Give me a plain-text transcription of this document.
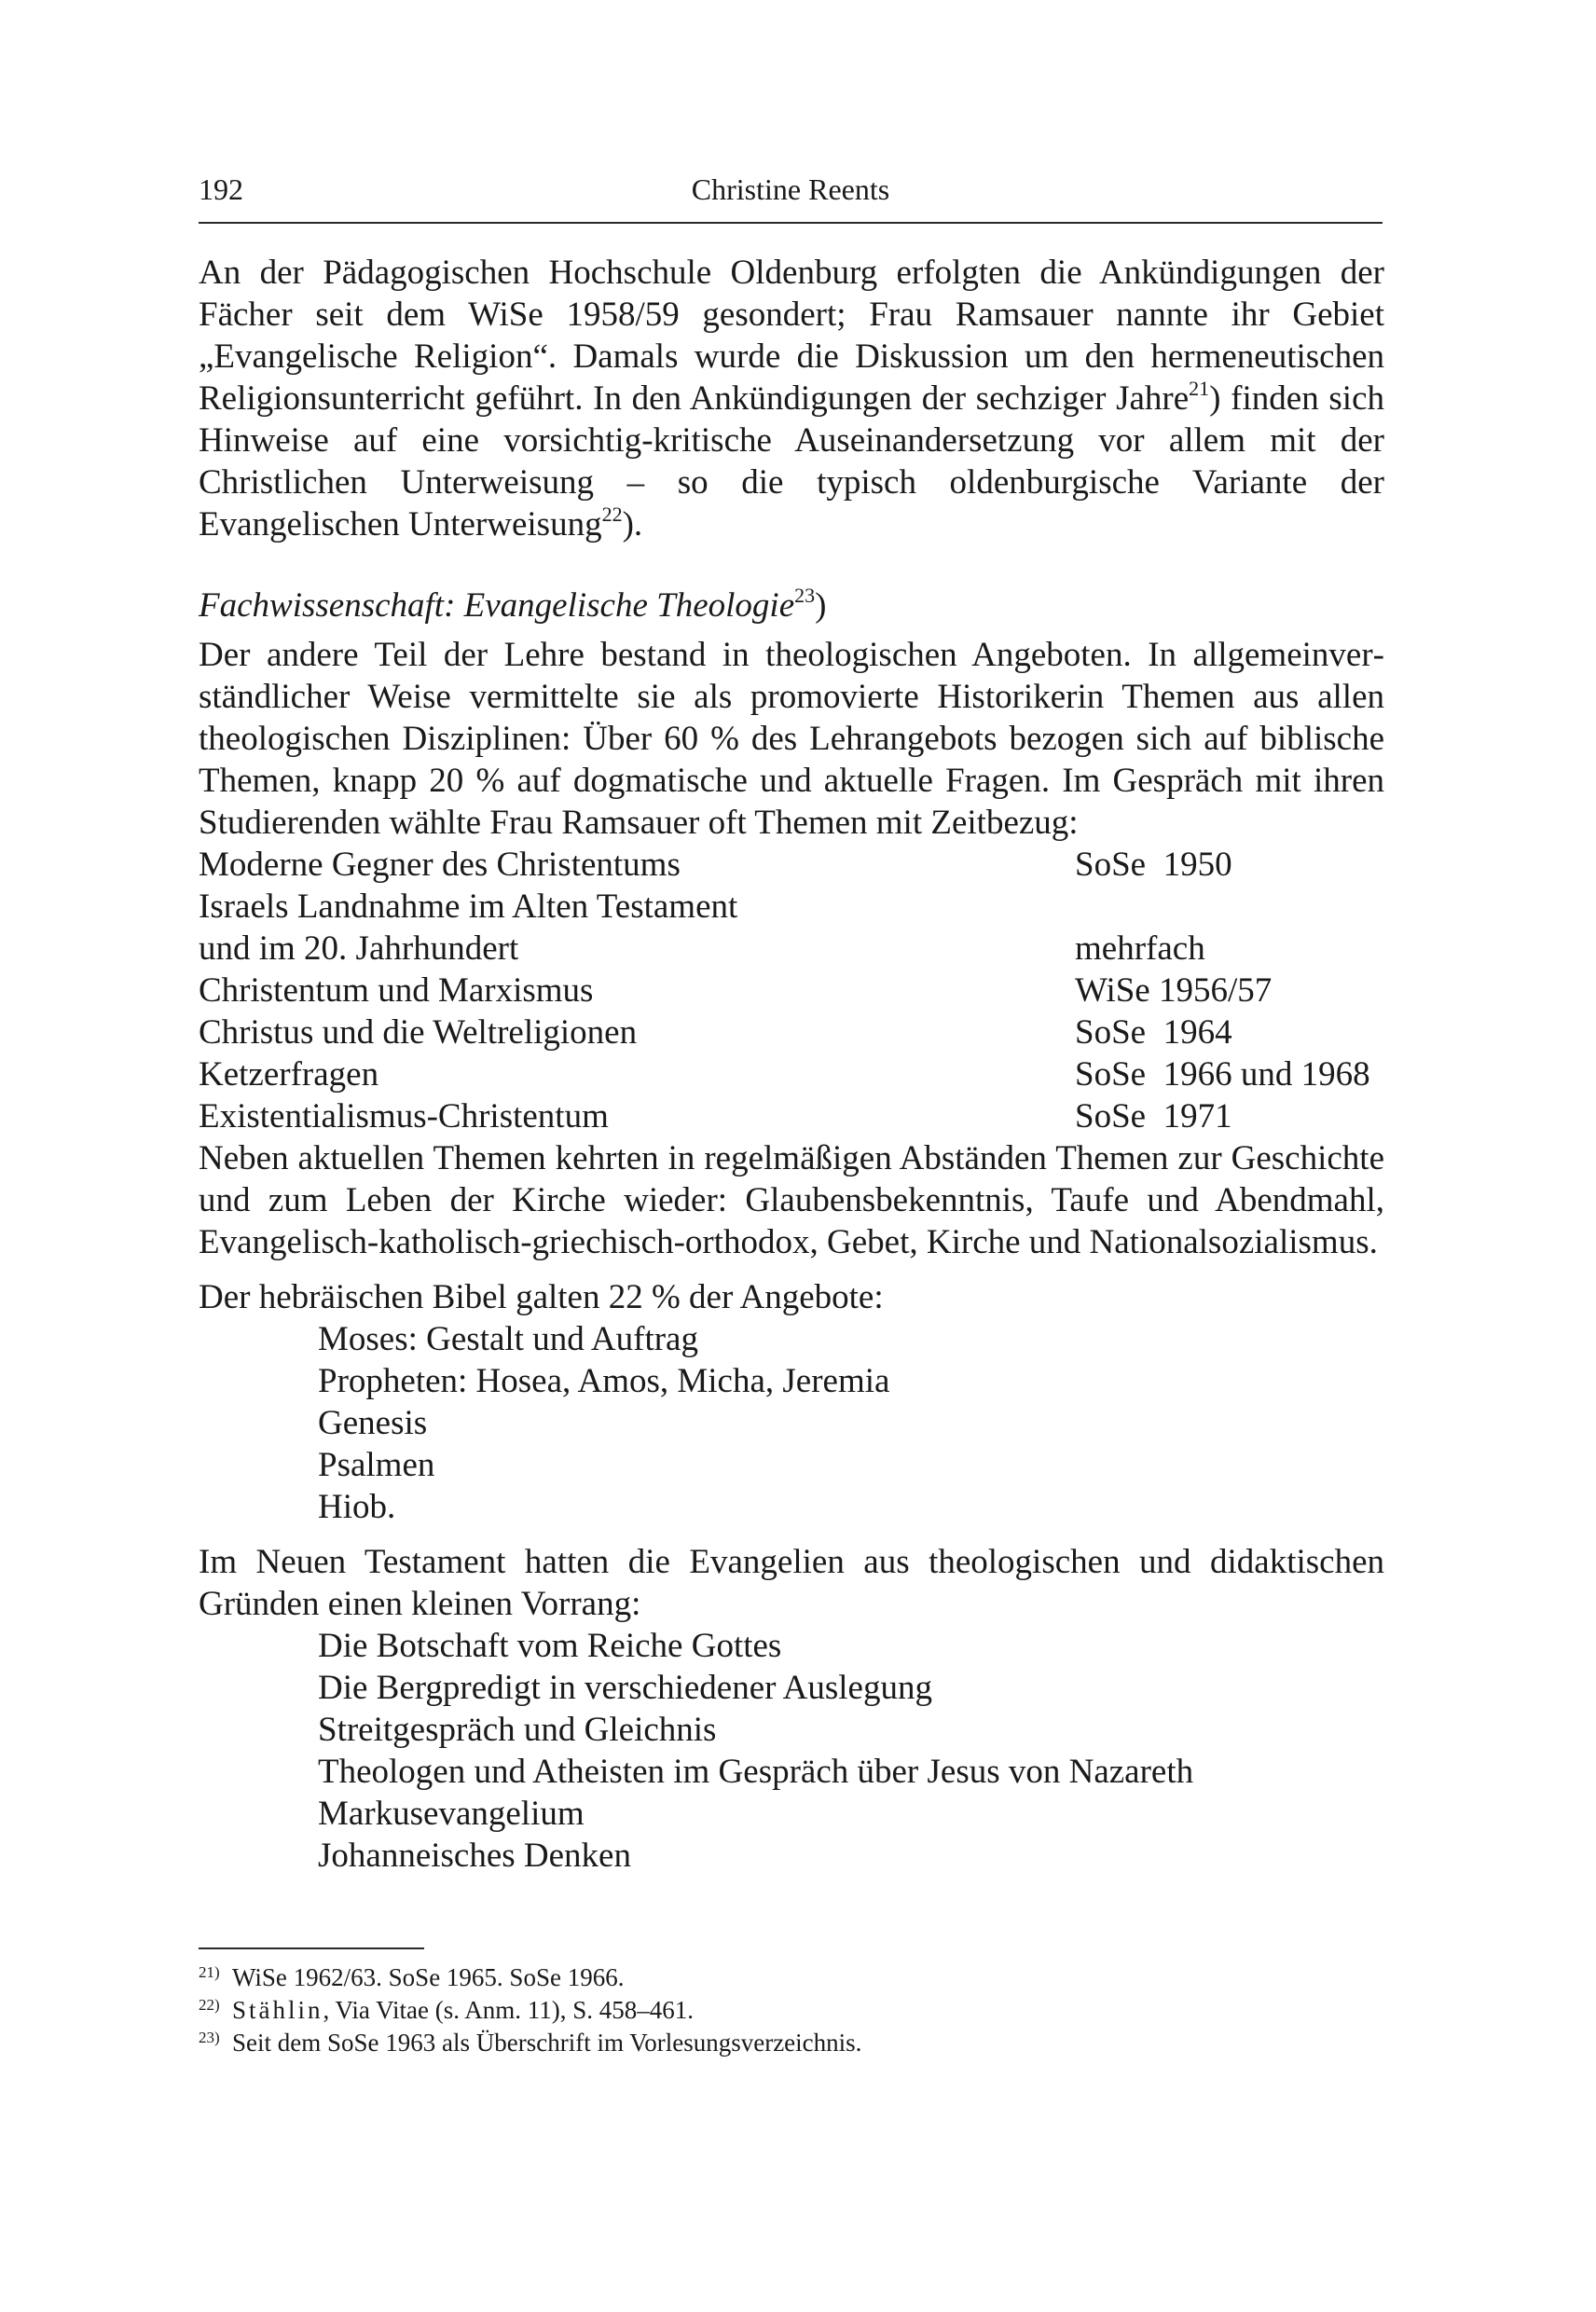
192	Christine Reents

An der Pädagogischen Hochschule Oldenburg erfolgten die Ankündigungen der Fächer seit dem WiSe 1958/59 gesondert; Frau Ramsauer nannte ihr Gebiet „Evangelische Religion“. Damals wurde die Diskussion um den hermeneutischen Religionsunterricht geführt. In den Ankündigungen der sechziger Jahre$^{21}$) finden sich Hinweise auf eine vorsichtig-kritische Auseinandersetzung vor allem mit der Christlichen Unterweisung – so die typisch oldenburgische Variante der Evangelischen Unterweisung$^{22}$).

Fachwissenschaft: Evangelische Theologie$^{23}$)

Der andere Teil der Lehre bestand in theologischen Angeboten. In allgemeinverständlicher Weise vermittelte sie als promovierte Historikerin Themen aus allen theologischen Disziplinen: Über 60 % des Lehrangebots bezogen sich auf biblische Themen, knapp 20 % auf dogmatische und aktuelle Fragen. Im Gespräch mit ihren Studierenden wählte Frau Ramsauer oft Themen mit Zeitbezug:

Moderne Gegner des Christentums	SoSe  1950
Israels Landnahme im Alten Testament
und im 20. Jahrhundert	mehrfach
Christentum und Marxismus	WiSe 1956/57
Christus und die Weltreligionen	SoSe  1964
Ketzerfragen	SoSe  1966 und 1968
Existentialismus-Christentum	SoSe  1971

Neben aktuellen Themen kehrten in regelmäßigen Abständen Themen zur Geschichte und zum Leben der Kirche wieder: Glaubensbekenntnis, Taufe und Abendmahl, Evangelisch-katholisch-griechisch-orthodox, Gebet, Kirche und Nationalsozialismus.

Der hebräischen Bibel galten 22 % der Angebote:

Moses: Gestalt und Auftrag
Propheten: Hosea, Amos, Micha, Jeremia
Genesis
Psalmen
Hiob.

Im Neuen Testament hatten die Evangelien aus theologischen und didaktischen Gründen einen kleinen Vorrang:

Die Botschaft vom Reiche Gottes
Die Bergpredigt in verschiedener Auslegung
Streitgespräch und Gleichnis
Theologen und Atheisten im Gespräch über Jesus von Nazareth
Markusevangelium
Johanneisches Denken
21) WiSe 1962/63. SoSe 1965. SoSe 1966.
22) Stählin, Via Vitae (s. Anm. 11), S. 458–461.
23) Seit dem SoSe 1963 als Überschrift im Vorlesungsverzeichnis.
